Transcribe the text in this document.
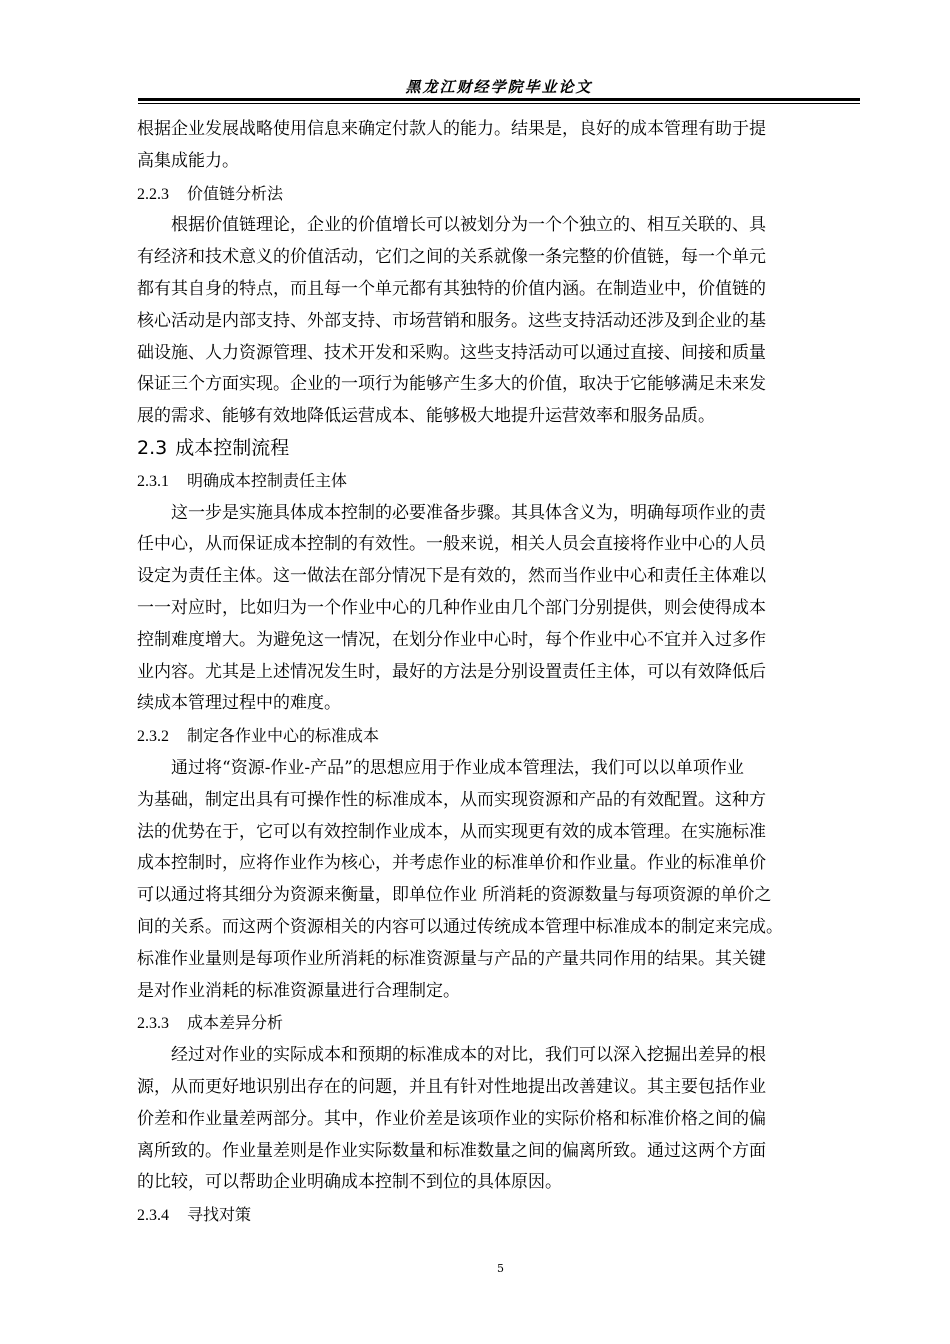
黑龙江财经学院毕业论文
根据企业发展战略使用信息来确定付款人的能力。结果是，良好的成本管理有助于提
高集成能力。
2.2.3 价值链分析法
　　根据价值链理论，企业的价值增长可以被划分为一个个独立的、相互关联的、具
有经济和技术意义的价值活动，它们之间的关系就像一条完整的价值链，每一个单元
都有其自身的特点，而且每一个单元都有其独特的价值内涵。在制造业中，价值链的
核心活动是内部支持、外部支持、市场营销和服务。这些支持活动还涉及到企业的基
础设施、人力资源管理、技术开发和采购。这些支持活动可以通过直接、间接和质量
保证三个方面实现。企业的一项行为能够产生多大的价值，取决于它能够满足未来发
展的需求、能够有效地降低运营成本、能够极大地提升运营效率和服务品质。
2.3 成本控制流程
2.3.1 明确成本控制责任主体
　　这一步是实施具体成本控制的必要准备步骤。其具体含义为，明确每项作业的责
任中心，从而保证成本控制的有效性。一般来说，相关人员会直接将作业中心的人员
设定为责任主体。这一做法在部分情况下是有效的，然而当作业中心和责任主体难以
一一对应时，比如归为一个作业中心的几种作业由几个部门分别提供，则会使得成本
控制难度增大。为避免这一情况，在划分作业中心时，每个作业中心不宜并入过多作
业内容。尤其是上述情况发生时，最好的方法是分别设置责任主体，可以有效降低后
续成本管理过程中的难度。
2.3.2 制定各作业中心的标准成本
　　通过将“资源-作业-产品”的思想应用于作业成本管理法，我们可以以单项作业
为基础，制定出具有可操作性的标准成本，从而实现资源和产品的有效配置。这种方
法的优势在于，它可以有效控制作业成本，从而实现更有效的成本管理。在实施标准
成本控制时，应将作业作为核心，并考虑作业的标准单价和作业量。作业的标准单价
可以通过将其细分为资源来衡量，即单位作业 所消耗的资源数量与每项资源的单价之
间的关系。而这两个资源相关的内容可以通过传统成本管理中标准成本的制定来完成。
标准作业量则是每项作业所消耗的标准资源量与产品的产量共同作用的结果。其关键
是对作业消耗的标准资源量进行合理制定。
2.3.3 成本差异分析
　　经过对作业的实际成本和预期的标准成本的对比，我们可以深入挖掘出差异的根
源，从而更好地识别出存在的问题，并且有针对性地提出改善建议。其主要包括作业
价差和作业量差两部分。其中，作业价差是该项作业的实际价格和标准价格之间的偏
离所致的。作业量差则是作业实际数量和标准数量之间的偏离所致。通过这两个方面
的比较，可以帮助企业明确成本控制不到位的具体原因。
2.3.4 寻找对策
5
